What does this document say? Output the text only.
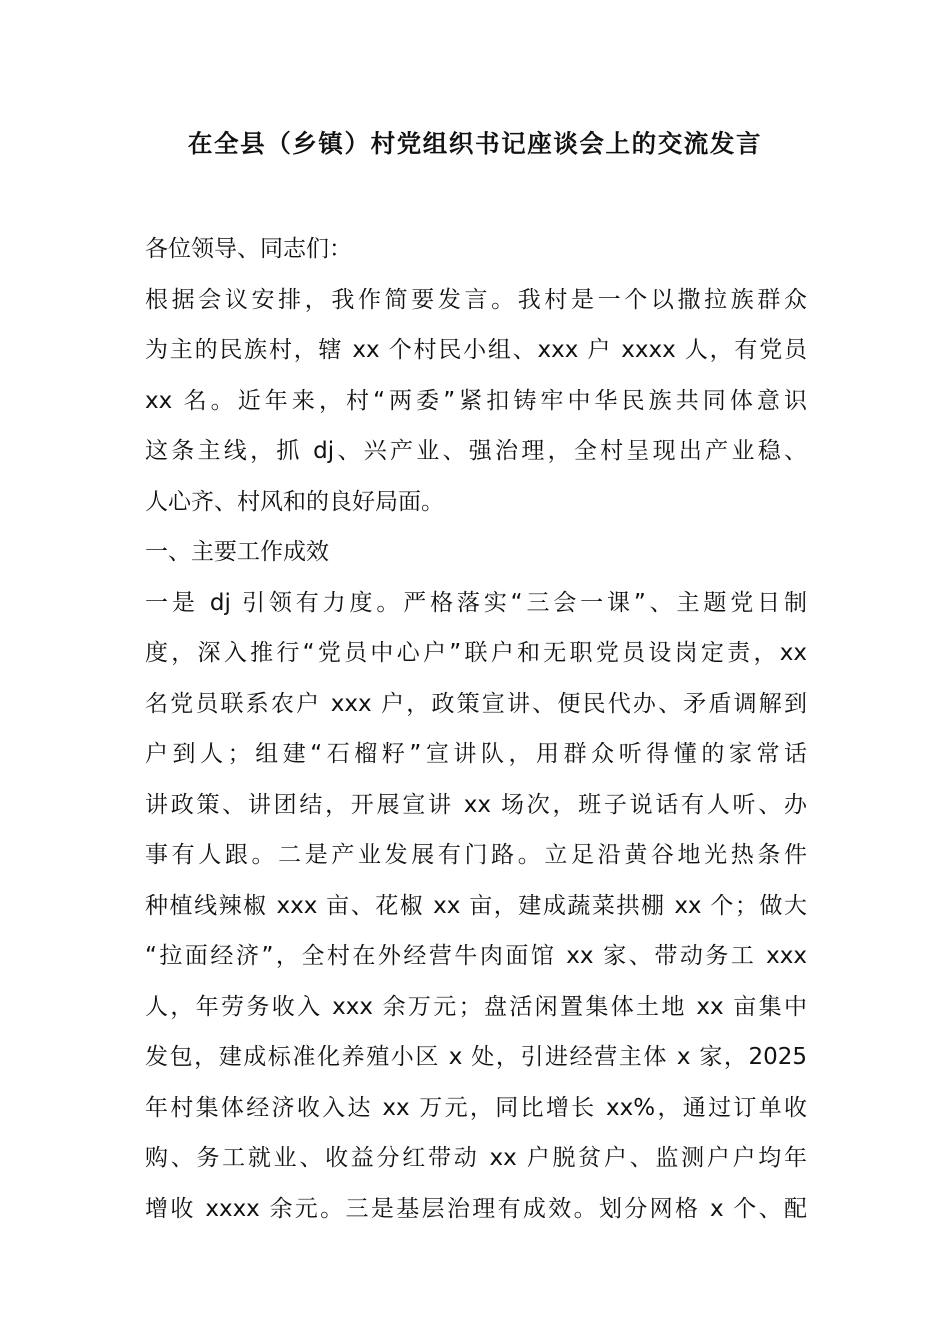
在全县（乡镇）村党组织书记座谈会上的交流发言
各位领导、同志们：
根据会议安排，我作简要发言。我村是一个以撒拉族群众
为主的民族村，辖 xx 个村民小组、xxx 户 xxxx 人，有党员
xx 名。近年来，村“两委”紧扣铸牢中华民族共同体意识
这条主线，抓 dj、兴产业、强治理，全村呈现出产业稳、
人心齐、村风和的良好局面。
一、主要工作成效
一是 dj 引领有力度。严格落实“三会一课”、主题党日制
度，深入推行“党员中心户”联户和无职党员设岗定责，xx
名党员联系农户 xxx 户，政策宣讲、便民代办、矛盾调解到
户到人；组建“石榴籽”宣讲队，用群众听得懂的家常话
讲政策、讲团结，开展宣讲 xx 场次，班子说话有人听、办
事有人跟。二是产业发展有门路。立足沿黄谷地光热条件
种植线辣椒 xxx 亩、花椒 xx 亩，建成蔬菜拱棚 xx 个；做大
“拉面经济”，全村在外经营牛肉面馆 xx 家、带动务工 xxx
人，年劳务收入 xxx 余万元；盘活闲置集体土地 xx 亩集中
发包，建成标准化养殖小区 x 处，引进经营主体 x 家，2025
年村集体经济收入达 xx 万元，同比增长 xx%，通过订单收
购、务工就业、收益分红带动 xx 户脱贫户、监测户户均年
增收 xxxx 余元。三是基层治理有成效。划分网格 x 个、配
